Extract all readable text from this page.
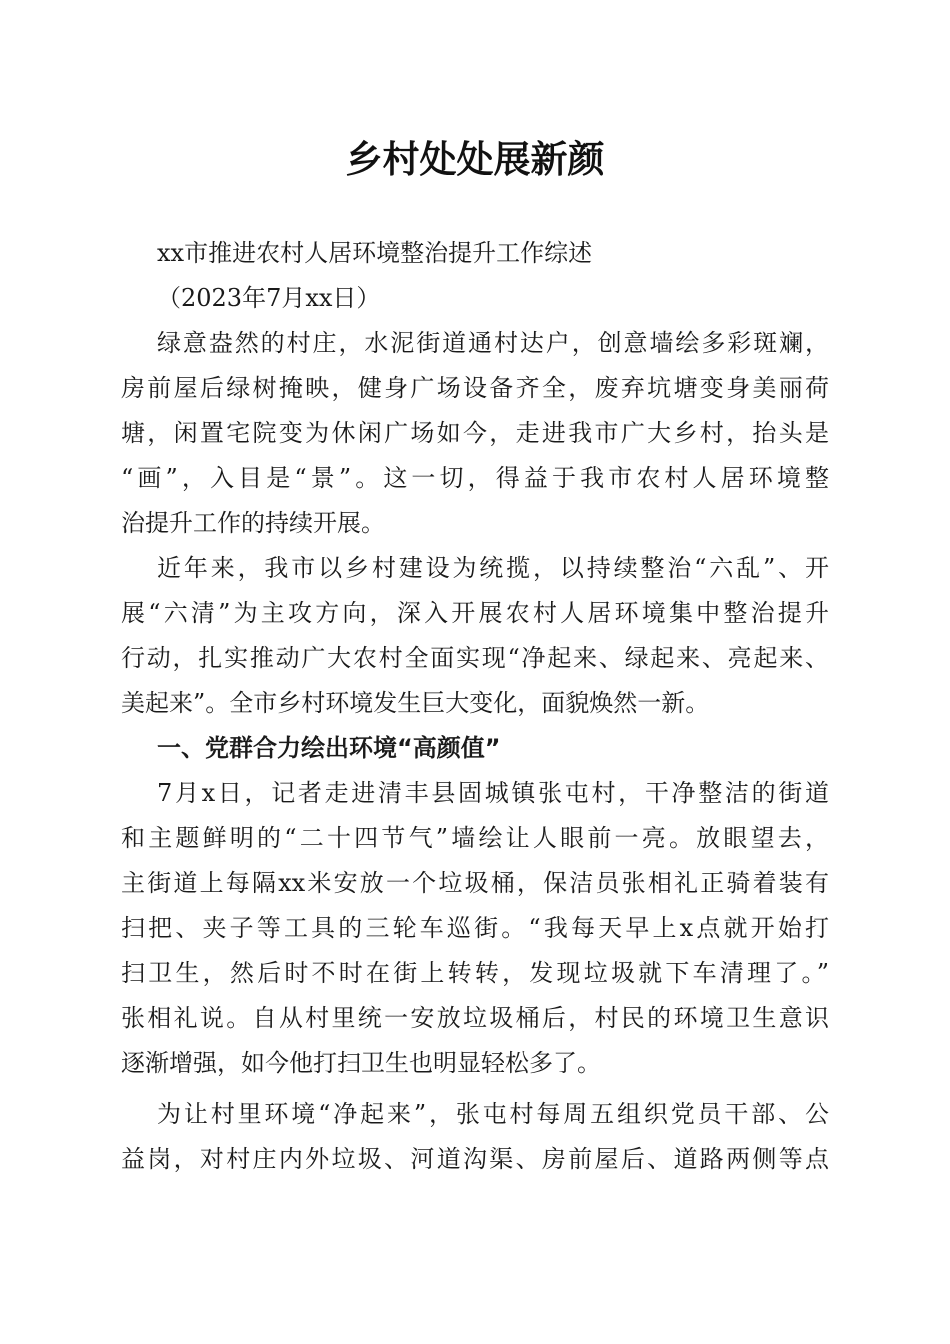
乡村处处展新颜

xx市推进农村人居环境整治提升工作综述

（2023年7月xx日）

绿意盎然的村庄，水泥街道通村达户，创意墙绘多彩斑斓，

房前屋后绿树掩映，健身广场设备齐全，废弃坑塘变身美丽荷

塘，闲置宅院变为休闲广场如今，走进我市广大乡村，抬头是

“画”，入目是“景”。这一切，得益于我市农村人居环境整

治提升工作的持续开展。

近年来，我市以乡村建设为统揽，以持续整治“六乱”、开

展“六清”为主攻方向，深入开展农村人居环境集中整治提升

行动，扎实推动广大农村全面实现“净起来、绿起来、亮起来、

美起来”。全市乡村环境发生巨大变化，面貌焕然一新。

一、党群合力绘出环境“高颜值”

7月x日，记者走进清丰县固城镇张屯村，干净整洁的街道

和主题鲜明的“二十四节气”墙绘让人眼前一亮。放眼望去，

主街道上每隔xx米安放一个垃圾桶，保洁员张相礼正骑着装有

扫把、夹子等工具的三轮车巡街。“我每天早上x点就开始打

扫卫生，然后时不时在街上转转，发现垃圾就下车清理了。”

张相礼说。自从村里统一安放垃圾桶后，村民的环境卫生意识

逐渐增强，如今他打扫卫生也明显轻松多了。

为让村里环境“净起来”，张屯村每周五组织党员干部、公

益岗，对村庄内外垃圾、河道沟渠、房前屋后、道路两侧等点
